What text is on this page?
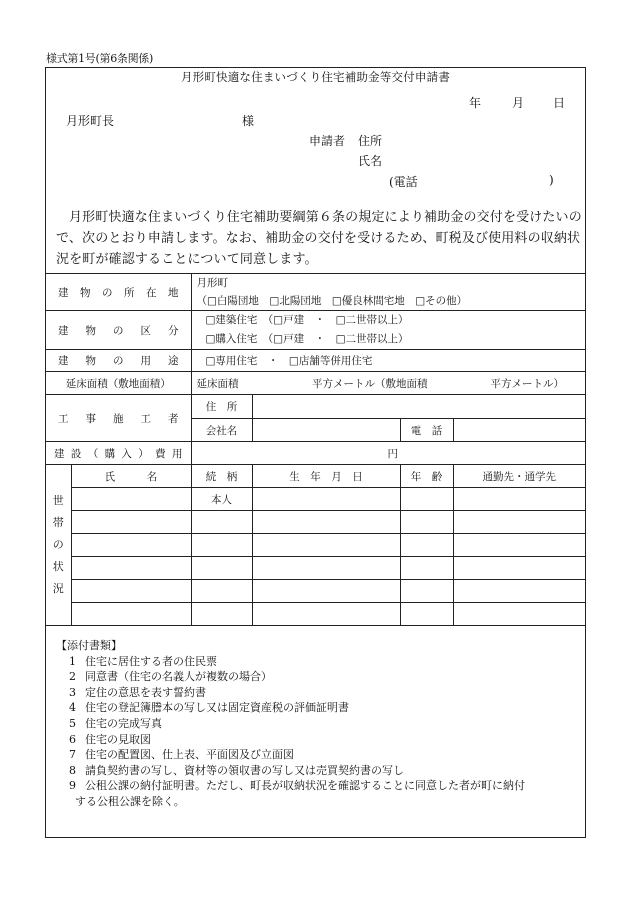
様式第1号(第6条関係)
月形町快適な住まいづくり住宅補助金等交付申請書
年	月 日
月形町長	様
申請者 住所
氏名
(電話	)
月形町快適な住まいづくり住宅補助要綱第６条の規定により補助金の交付を受けたいので、次のとおり申請します。なお、補助金の交付を受けるため、町税及び使用料の収納状況を町が確認することについて同意します。
建物の所在地		月形町
（□白陽団地　□北陽団地　□優良林間宅地　□その他）			

建物の区分		□建築住宅　（□戸建　・　□二世帯以上）
□購入住宅　（□戸建　・　□二世帯以上）			

建物の用途		□専用住宅　・　□店舗等併用住宅			
延床面積（敷地面積）		延床面積　　　　　　　平方メートル（敷地面積　　　　　　平方メートル）			
工事施工者		住　所			
		会社名		電　話	
建設（購入）費用		円			

世
帯
の
状
況	氏　　　名	続　柄	生　年　月　日	年　齢	通勤先・通学先
		本人			

【添付書類】
1 住宅に居住する者の住民票
2 同意書（住宅の名義人が複数の場合）
3 定住の意思を表す誓約書
4 住宅の登記簿謄本の写し又は固定資産税の評価証明書
5 住宅の完成写真
6 住宅の見取図
7 住宅の配置図、仕上表、平面図及び立面図
8 請負契約書の写し、資材等の領収書の写し又は売買契約書の写し
9 公租公課の納付証明書。ただし、町長が収納状況を確認することに同意した者が町に納付
する公租公課を除く。
